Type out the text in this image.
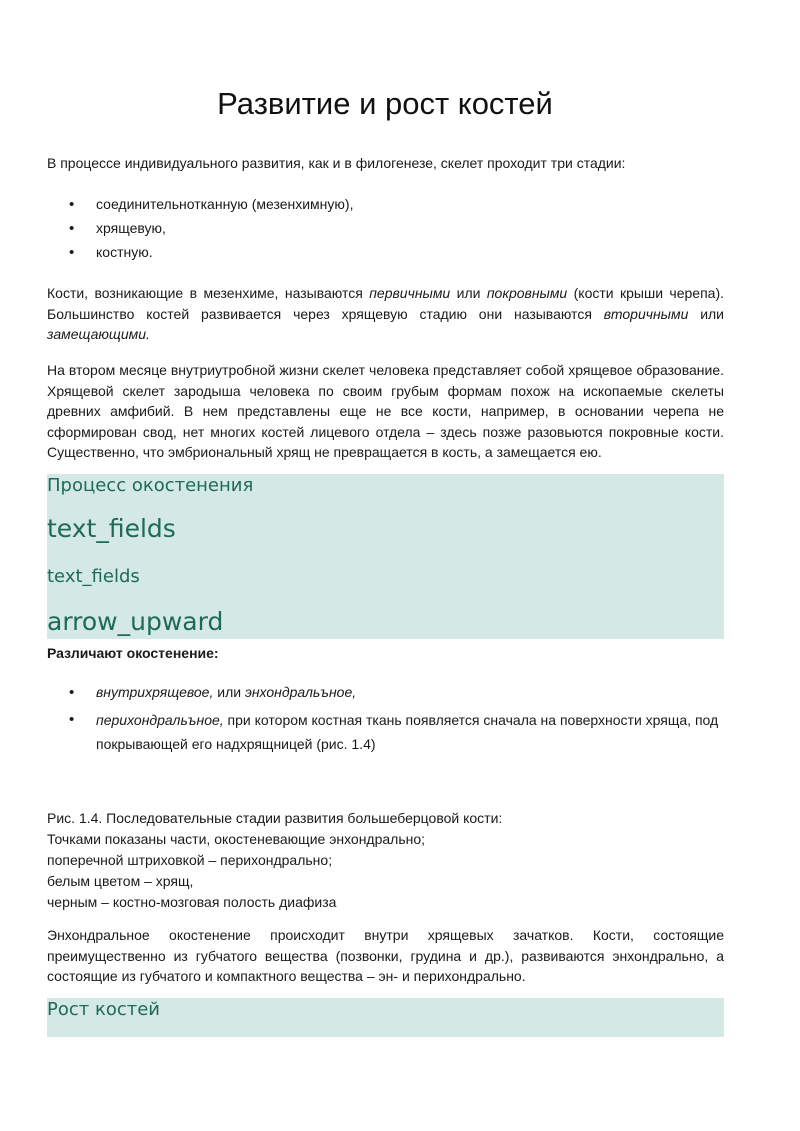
Развитие и рост костей

В процессе индивидуального развития, как и в филогенезе, скелет проходит три стадии:

• соединительнотканную (мезенхимную),
• хрящевую,
• костную.

Кости, возникающие в мезенхиме, называются первичными или покровными (кости крыши черепа). Большинство костей развивается через хрящевую стадию они называются вторичными или замещающими.

На втором месяце внутриутробной жизни скелет человека представляет собой хрящевое образование. Хрящевой скелет зародыша человека по своим грубым формам похож на ископаемые скелеты древних амфибий. В нем представлены еще не все кости, например, в основании черепа не сформирован свод, нет многих костей лицевого отдела – здесь позже разовьются покровные кости. Существенно, что эмбриональный хрящ не превращается в кость, а замещается ею.

Процесс окостенения
text_fields
text_fields
arrow_upward

Различают окостенение:

• внутрихрящевое, или энхондральъное,
• перихондральъное, при котором костная ткань появляется сначала на поверхности хряща, под покрывающей его надхрящницей (рис. 1.4)
Рис. 1.4. Последовательные стадии развития большеберцовой кости:
Точками показаны части, окостеневающие энхондрально;
поперечной штриховкой – перихондрально;
белым цветом – хрящ,
черным – костно-мозговая полость диафиза

Энхондральное окостенение происходит внутри хрящевых зачатков. Кости, состоящие преимущественно из губчатого вещества (позвонки, грудина и др.), развиваются энхондрально, а состоящие из губчатого и компактного вещества – эн- и перихондрально.

Рост костей
